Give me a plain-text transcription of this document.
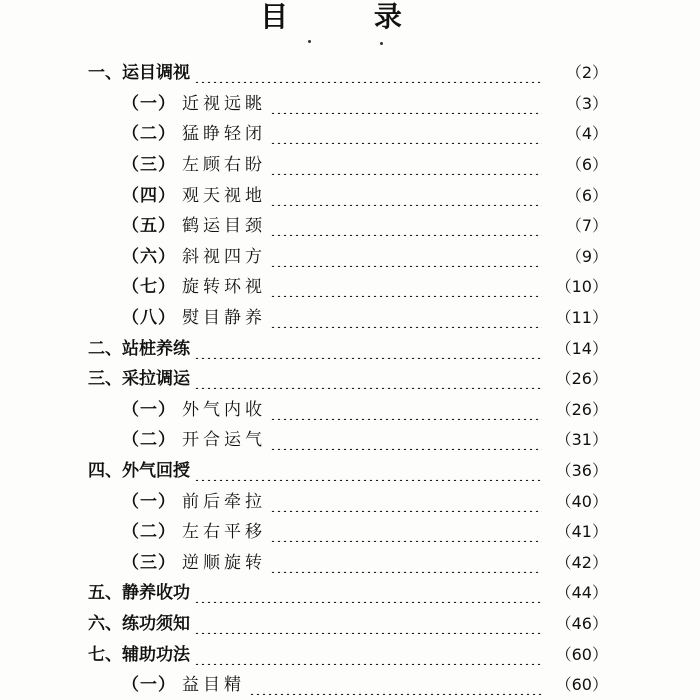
目 录
一、 运目调视	（2）
（一） 近视远眺	（3）
（二） 猛睁轻闭	（4）
（三） 左顾右盼	（6）
（四） 观天视地	（6）
（五） 鹤运目颈	（7）
（六） 斜视四方	（9）
（七） 旋转环视	（10）
（八） 熨目静养	（11）
二、 站桩养练	（14）
三、 采拉调运	（26）
（一） 外气内收	（26）
（二） 开合运气	（31）
四、 外气回授	（36）
（一） 前后牵拉	（40）
（二） 左右平移	（41）
（三） 逆顺旋转	（42）
五、 静养收功	（44）
六、 练功须知	（46）
七、 辅助功法	（60）
（一） 益目精	（60）
